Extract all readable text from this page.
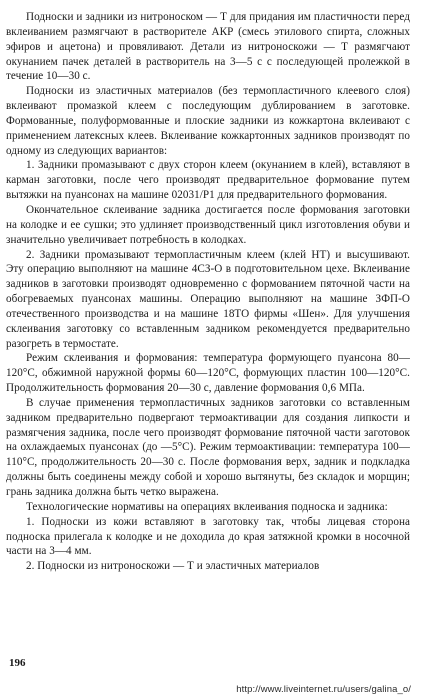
Подноски и задники из нитроноском — Т для придания им пластичности перед вклеиванием размягчают в растворителе АКР (смесь этилового спирта, сложных эфиров и ацетона) и провяливают. Детали из нитроноскожи — Т размягчают окунанием пачек деталей в растворитель на 3—5 с с последующей пролежкой в течение 10—30 с.

Подноски из эластичных материалов (без термопластичного клеевого слоя) вклеивают промазкой клеем с последующим дублированием в заготовке. Формованные, полуформованные и плоские задники из кожкартона вклеивают с применением латексных клеев. Вклеивание кожкартонных задников производят по одному из следующих вариантов:

1. Задники промазывают с двух сторон клеем (окунанием в клей), вставляют в карман заготовки, после чего производят предварительное формование путем вытяжки на пуансонах на машине 02031/Р1 для предварительного формования.

Окончательное склеивание задника достигается после формования заготовки на колодке и ее сушки; это удлиняет производственный цикл изготовления обуви и значительно увеличивает потребность в колодках.

2. Задники промазывают термопластичным клеем (клей НТ) и высушивают. Эту операцию выполняют на машине 4СЗ-О в подготовительном цехе. Вклеивание задников в заготовки производят одновременно с формованием пяточной части на обогреваемых пуансонах машины. Операцию выполняют на машине ЗФП-О отечественного производства и на машине 18ТО фирмы «Шен». Для улучшения склеивания заготовку со вставленным задником рекомендуется предварительно разогреть в термостате.

Режим склеивания и формования: температура формующего пуансона 80—120°С, обжимной наружной формы 60—120°С, формующих пластин 100—120°С. Продолжительность формования 20—30 с, давление формования 0,6 МПа.

В случае применения термопластичных задников заготовки со вставленным задником предварительно подвергают термоактивации для создания липкости и размягчения задника, после чего производят формование пяточной части заготовок на охлаждаемых пуансонах (до —5°С). Режим термоактивации: температура 100—110°С, продолжительность 20—30 с. После формования верх, задник и подкладка должны быть соединены между собой и хорошо вытянуты, без складок и морщин; грань задника должна быть четко выражена.

Технологические нормативы на операциях вклеивания подноска и задника:

1. Подноски из кожи вставляют в заготовку так, чтобы лицевая сторона подноска прилегала к колодке и не доходила до края затяжной кромки в носочной части на 3—4 мм.

2. Подноски из нитроноскожи — Т и эластичных материалов

196
http://www.liveinternet.ru/users/galina_o/
